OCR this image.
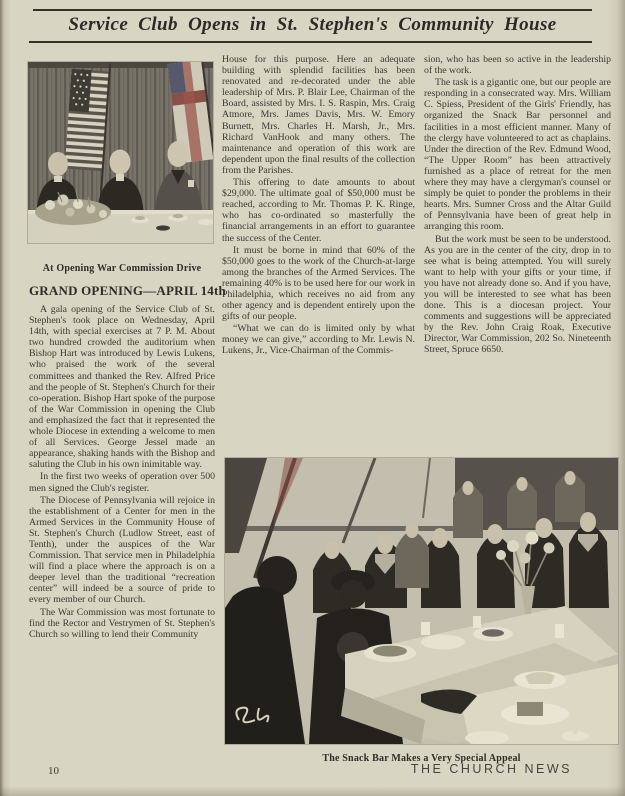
Service Club Opens in St. Stephen's Community House
At Opening War Commission Drive
GRAND OPENING—APRIL 14th

A gala opening of the Service Club of St. Stephen's took place on Wednesday, April 14th, with special exercises at 7 P. M. About two hundred crowded the auditorium when Bishop Hart was introduced by Lewis Lukens, who praised the work of the several committees and thanked the Rev. Alfred Price and the people of St. Stephen's Church for their co-operation. Bishop Hart spoke of the purpose of the War Commission in opening the Club and emphasized the fact that it represented the whole Diocese in extending a welcome to men of all Services. George Jessel made an appearance, shaking hands with the Bishop and saluting the Club in his own inimitable way.

In the first two weeks of operation over 500 men signed the Club's register.

The Diocese of Pennsylvania will rejoice in the establishment of a Center for men in the Armed Services in the Community House of St. Stephen's Church (Ludlow Street, east of Tenth), under the auspices of the War Commission. That service men in Philadelphia will find a place where the approach is on a deeper level than the traditional “recreation center” will indeed be a source of pride to every member of our Church.

The War Commission was most fortunate to find the Rector and Vestrymen of St. Stephen's Church so willing to lend their Community

House for this purpose. Here an adequate building with splendid facilities has been renovated and re-decorated under the able leadership of Mrs. P. Blair Lee, Chairman of the Board, assisted by Mrs. I. S. Raspin, Mrs. Craig Atmore, Mrs. James Davis, Mrs. W. Emory Burnett, Mrs. Charles H. Marsh, Jr., Mrs. Richard VanHook and many others. The maintenance and operation of this work are dependent upon the final results of the collection from the Parishes.

This offering to date amounts to about $29,000. The ultimate goal of $50,000 must be reached, according to Mr. Thomas P. K. Ringe, who has co-ordinated so masterfully the financial arrangements in an effort to guarantee the success of the Center.

It must be borne in mind that 60% of the $50,000 goes to the work of the Church-at-large among the branches of the Armed Services. The remaining 40% is to be used here for our work in Philadelphia, which receives no aid from any other agency and is dependent entirely upon the gifts of our people.

“What we can do is limited only by what money we can give,” according to Mr. Lewis N. Lukens, Jr., Vice-Chairman of the Commis-

sion, who has been so active in the leadership of the work.

The task is a gigantic one, but our people are responding in a consecrated way. Mrs. William C. Spiess, President of the Girls' Friendly, has organized the Snack Bar personnel and facilities in a most efficient manner. Many of the clergy have volunteered to act as chaplains. Under the direction of the Rev. Edmund Wood, “The Upper Room” has been attractively furnished as a place of retreat for the men where they may have a clergyman's counsel or simply be quiet to ponder the problems in their hearts. Mrs. Sumner Cross and the Altar Guild of Pennsylvania have been of great help in arranging this room.

But the work must be seen to be understood. As you are in the center of the city, drop in to see what is being attempted. You will surely want to help with your gifts or your time, if you have not already done so. And if you have, you will be interested to see what has been done. This is a diocesan project. Your comments and suggestions will be appreciated by the Rev. John Craig Roak, Executive Director, War Commission, 202 So. Nineteenth Street, Spruce 6650.

The Snack Bar Makes a Very Special Appeal
10	THE CHURCH NEWS
